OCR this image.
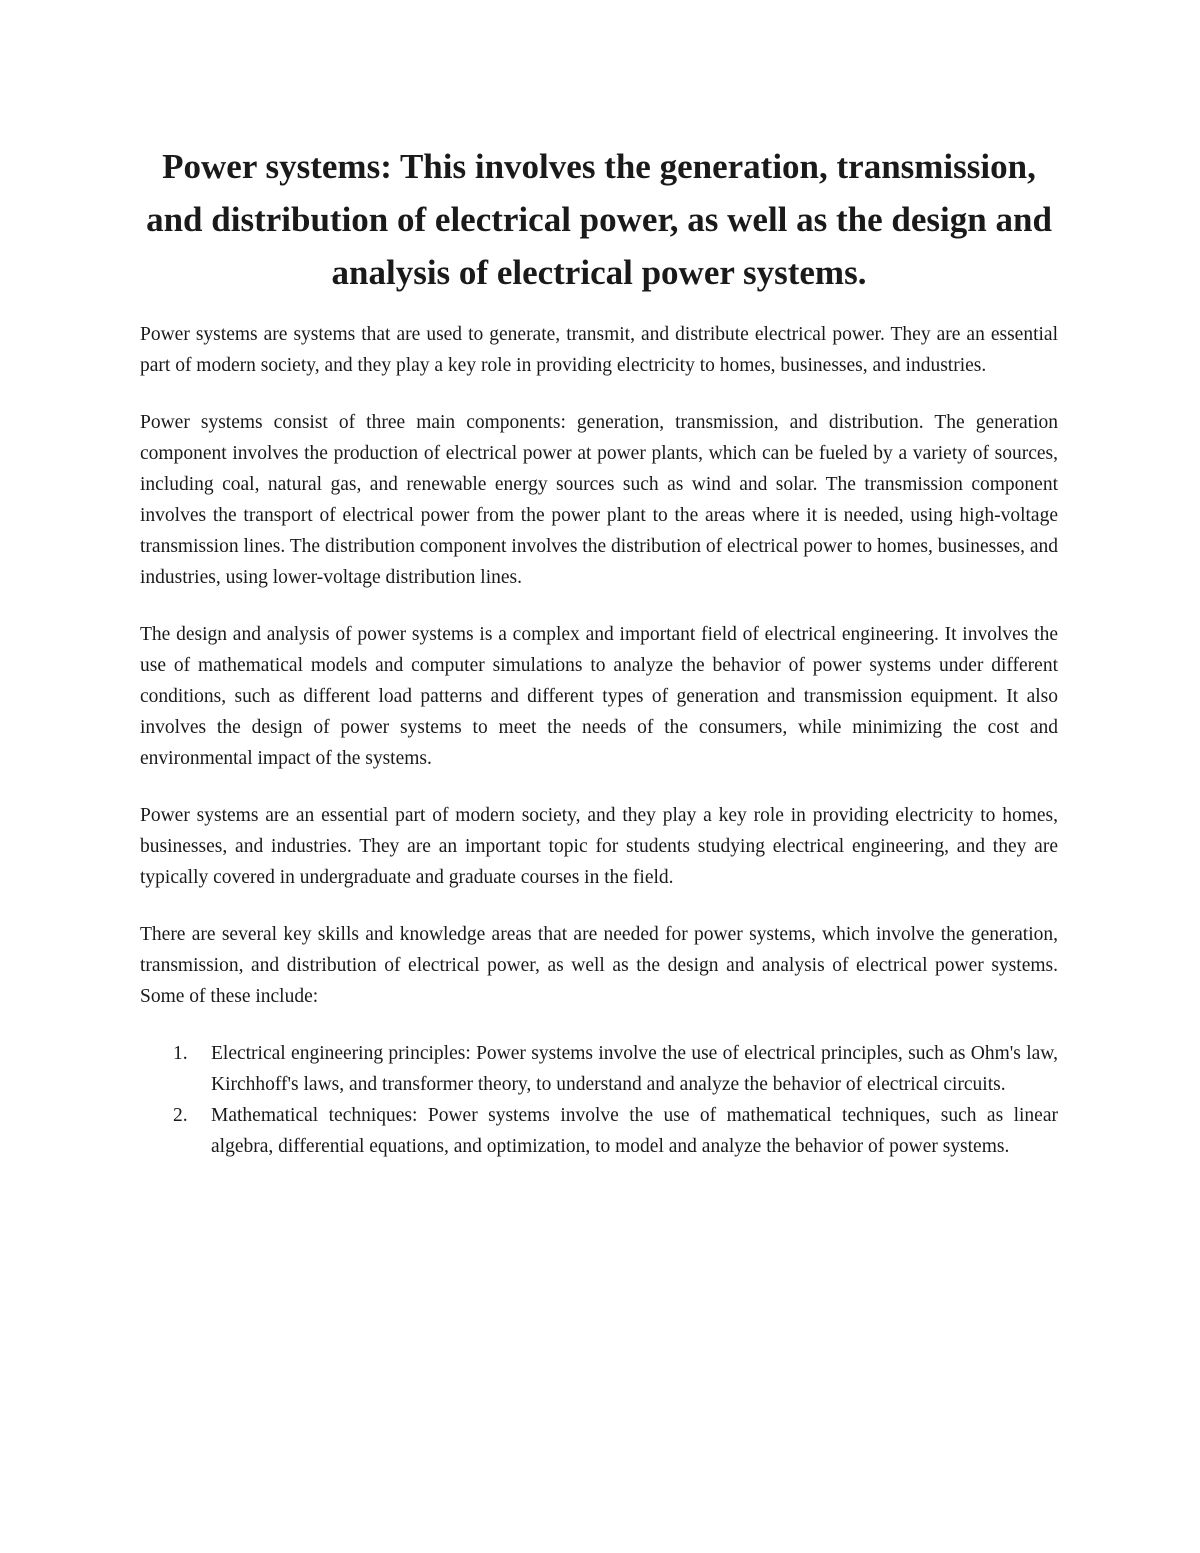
Power systems: This involves the generation, transmission, and distribution of electrical power, as well as the design and analysis of electrical power systems.

Power systems are systems that are used to generate, transmit, and distribute electrical power. They are an essential part of modern society, and they play a key role in providing electricity to homes, businesses, and industries.

Power systems consist of three main components: generation, transmission, and distribution. The generation component involves the production of electrical power at power plants, which can be fueled by a variety of sources, including coal, natural gas, and renewable energy sources such as wind and solar. The transmission component involves the transport of electrical power from the power plant to the areas where it is needed, using high-voltage transmission lines. The distribution component involves the distribution of electrical power to homes, businesses, and industries, using lower-voltage distribution lines.

The design and analysis of power systems is a complex and important field of electrical engineering. It involves the use of mathematical models and computer simulations to analyze the behavior of power systems under different conditions, such as different load patterns and different types of generation and transmission equipment. It also involves the design of power systems to meet the needs of the consumers, while minimizing the cost and environmental impact of the systems.

Power systems are an essential part of modern society, and they play a key role in providing electricity to homes, businesses, and industries. They are an important topic for students studying electrical engineering, and they are typically covered in undergraduate and graduate courses in the field.

There are several key skills and knowledge areas that are needed for power systems, which involve the generation, transmission, and distribution of electrical power, as well as the design and analysis of electrical power systems. Some of these include:

1. Electrical engineering principles: Power systems involve the use of electrical principles, such as Ohm's law, Kirchhoff's laws, and transformer theory, to understand and analyze the behavior of electrical circuits.
2. Mathematical techniques: Power systems involve the use of mathematical techniques, such as linear algebra, differential equations, and optimization, to model and analyze the behavior of power systems.
